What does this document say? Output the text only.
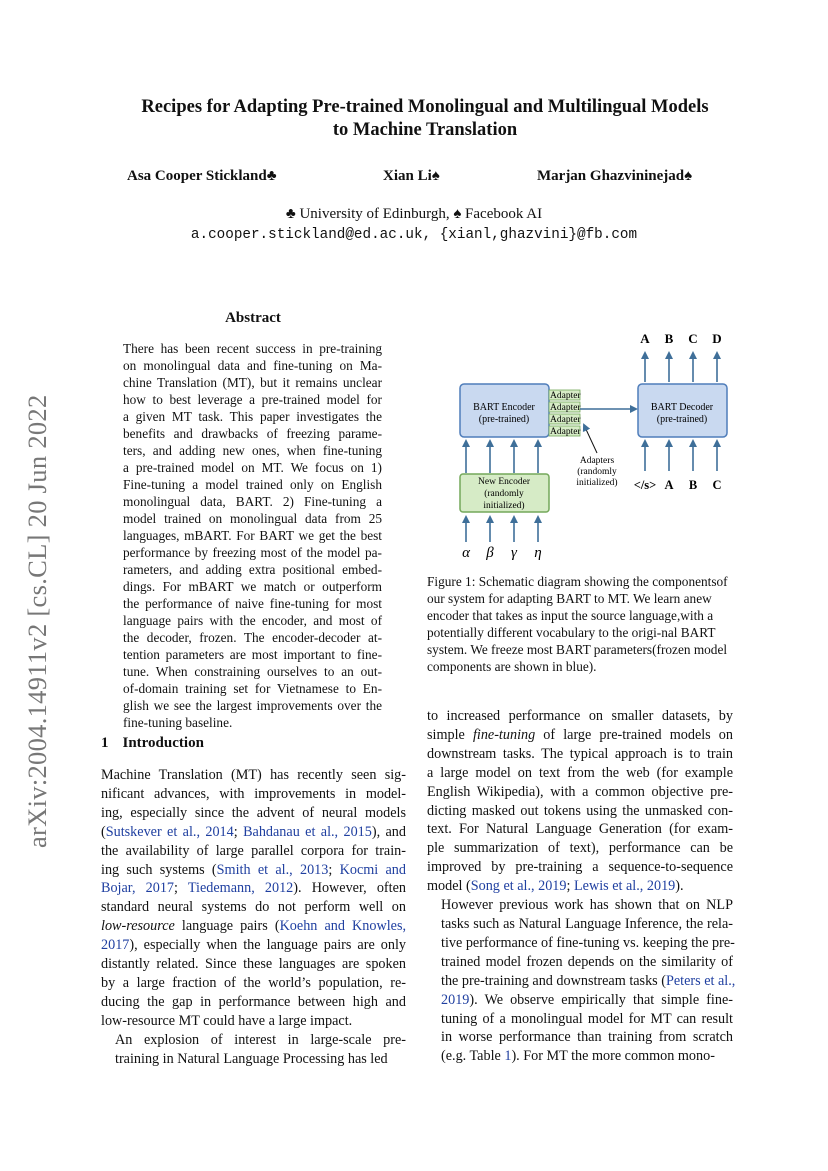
Recipes for Adapting Pre-trained Monolingual and Multilingual Models
to Machine Translation
Asa Cooper Stickland♣	Xian Li♠	Marjan Ghazvininejad♠
♣ University of Edinburgh, ♠ Facebook AI
a.cooper.stickland@ed.ac.uk, {xianl,ghazvini}@fb.com
arXiv:2004.14911v2 [cs.CL] 20 Jun 2022
Abstract
There has been recent success in pre-training
on monolingual data and fine-tuning on Ma-
chine Translation (MT), but it remains unclear
how to best leverage a pre-trained model for
a given MT task. This paper investigates the
benefits and drawbacks of freezing parame-
ters, and adding new ones, when fine-tuning
a pre-trained model on MT. We focus on 1)
Fine-tuning a model trained only on English
monolingual data, BART. 2) Fine-tuning a
model trained on monolingual data from 25
languages, mBART. For BART we get the best
performance by freezing most of the model pa-
rameters, and adding extra positional embed-
dings. For mBART we match or outperform
the performance of naive fine-tuning for most
language pairs with the encoder, and most of
the decoder, frozen. The encoder-decoder at-
tention parameters are most important to fine-
tune. When constraining ourselves to an out-
of-domain training set for Vietnamese to En-
glish we see the largest improvements over the
fine-tuning baseline.
1 Introduction
Machine Translation (MT) has recently seen sig-
nificant advances, with improvements in model-
ing, especially since the advent of neural models
(Sutskever et al., 2014; Bahdanau et al., 2015), and
the availability of large parallel corpora for train-
ing such systems (Smith et al., 2013; Kocmi and
Bojar, 2017; Tiedemann, 2012). However, often
standard neural systems do not perform well on
low-resource language pairs (Koehn and Knowles,
2017), especially when the language pairs are only
distantly related. Since these languages are spoken
by a large fraction of the world’s population, re-
ducing the gap in performance between high and
low-resource MT could have a large impact.
An explosion of interest in large-scale pre-
training in Natural Language Processing has led
to increased performance on smaller datasets, by
simple fine-tuning of large pre-trained models on
downstream tasks. The typical approach is to train
a large model on text from the web (for example
English Wikipedia), with a common objective pre-
dicting masked out tokens using the unmasked con-
text. For Natural Language Generation (for exam-
ple summarization of text), performance can be
improved by pre-training a sequence-to-sequence
model (Song et al., 2019; Lewis et al., 2019).
However previous work has shown that on NLP
tasks such as Natural Language Inference, the rela-
tive performance of fine-tuning vs. keeping the pre-
trained model frozen depends on the similarity of
the pre-training and downstream tasks (Peters et al.,
2019). We observe empirically that simple fine-
tuning of a monolingual model for MT can result
in worse performance than training from scratch
(e.g. Table 1). For MT the more common mono-
A B C D
BART Encoder
(pre-trained)
Adapter
Adapter
Adapter
Adapter
BART Decoder
(pre-trained)
Adapters
(randomly
initialized)
New Encoder
(randomly
initialized)
α β γ η
</s> A B C
Figure 1: Schematic diagram showing the componentsof our system for adapting BART to MT. We learn anew encoder that takes as input the source language,with a potentially different vocabulary to the origi-nal BART system. We freeze most BART parameters(frozen model components are shown in blue).
